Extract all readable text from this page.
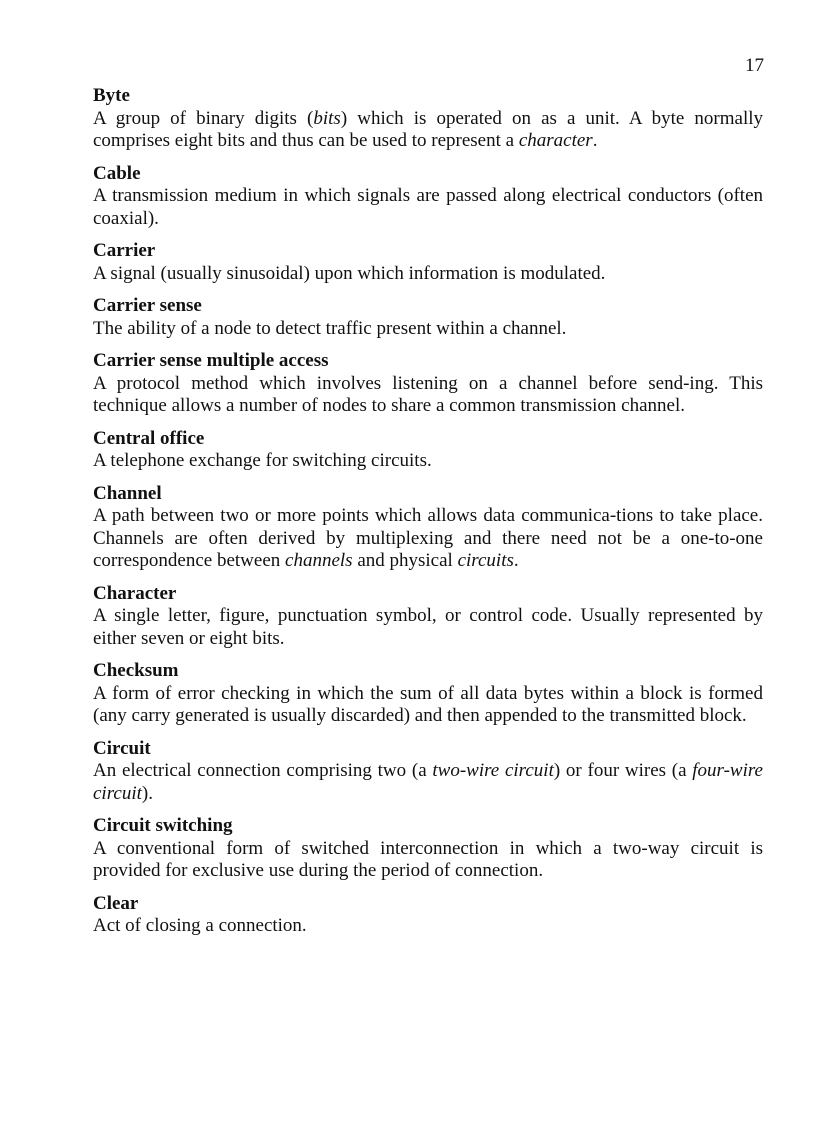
17
Byte
A group of binary digits (bits) which is operated on as a unit. A byte normally comprises eight bits and thus can be used to represent a character.
Cable
A transmission medium in which signals are passed along electrical conductors (often coaxial).
Carrier
A signal (usually sinusoidal) upon which information is modulated.
Carrier sense
The ability of a node to detect traffic present within a channel.
Carrier sense multiple access
A protocol method which involves listening on a channel before send-ing. This technique allows a number of nodes to share a common transmission channel.
Central office
A telephone exchange for switching circuits.
Channel
A path between two or more points which allows data communica-tions to take place. Channels are often derived by multiplexing and there need not be a one-to-one correspondence between channels and physical circuits.
Character
A single letter, figure, punctuation symbol, or control code. Usually represented by either seven or eight bits.
Checksum
A form of error checking in which the sum of all data bytes within a block is formed (any carry generated is usually discarded) and then appended to the transmitted block.
Circuit
An electrical connection comprising two (a two-wire circuit) or four wires (a four-wire circuit).
Circuit switching
A conventional form of switched interconnection in which a two-way circuit is provided for exclusive use during the period of connection.
Clear
Act of closing a connection.
